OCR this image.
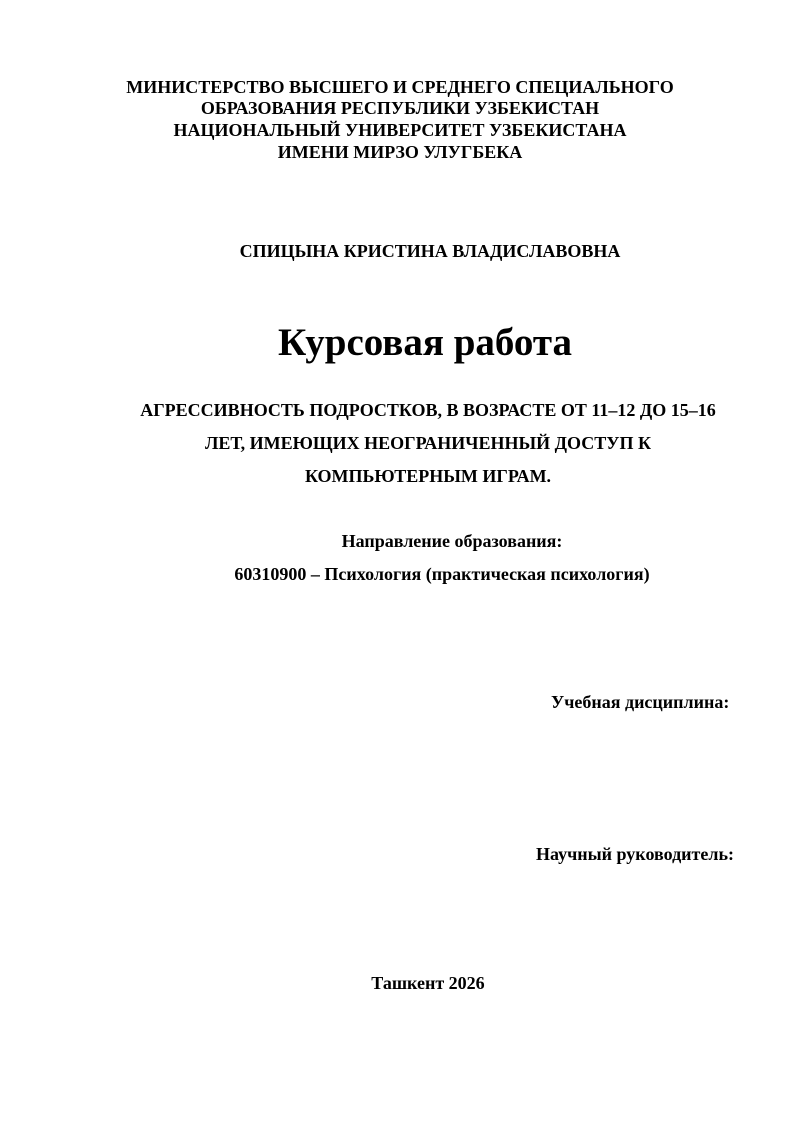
МИНИСТЕРСТВО ВЫСШЕГО И СРЕДНЕГО СПЕЦИАЛЬНОГО
ОБРАЗОВАНИЯ РЕСПУБЛИКИ УЗБЕКИСТАН
НАЦИОНАЛЬНЫЙ УНИВЕРСИТЕТ УЗБЕКИСТАНА
ИМЕНИ МИРЗО УЛУГБЕКА
СПИЦЫНА КРИСТИНА ВЛАДИСЛАВОВНА
Курсовая работа
АГРЕССИВНОСТЬ ПОДРОСТКОВ, В ВОЗРАСТЕ ОТ 11–12 ДО 15–16
ЛЕТ, ИМЕЮЩИХ НЕОГРАНИЧЕННЫЙ ДОСТУП К
КОМПЬЮТЕРНЫМ ИГРАМ.
Направление образования:
60310900 – Психология (практическая психология)
Учебная дисциплина:
Научный руководитель:
Ташкент 2026
